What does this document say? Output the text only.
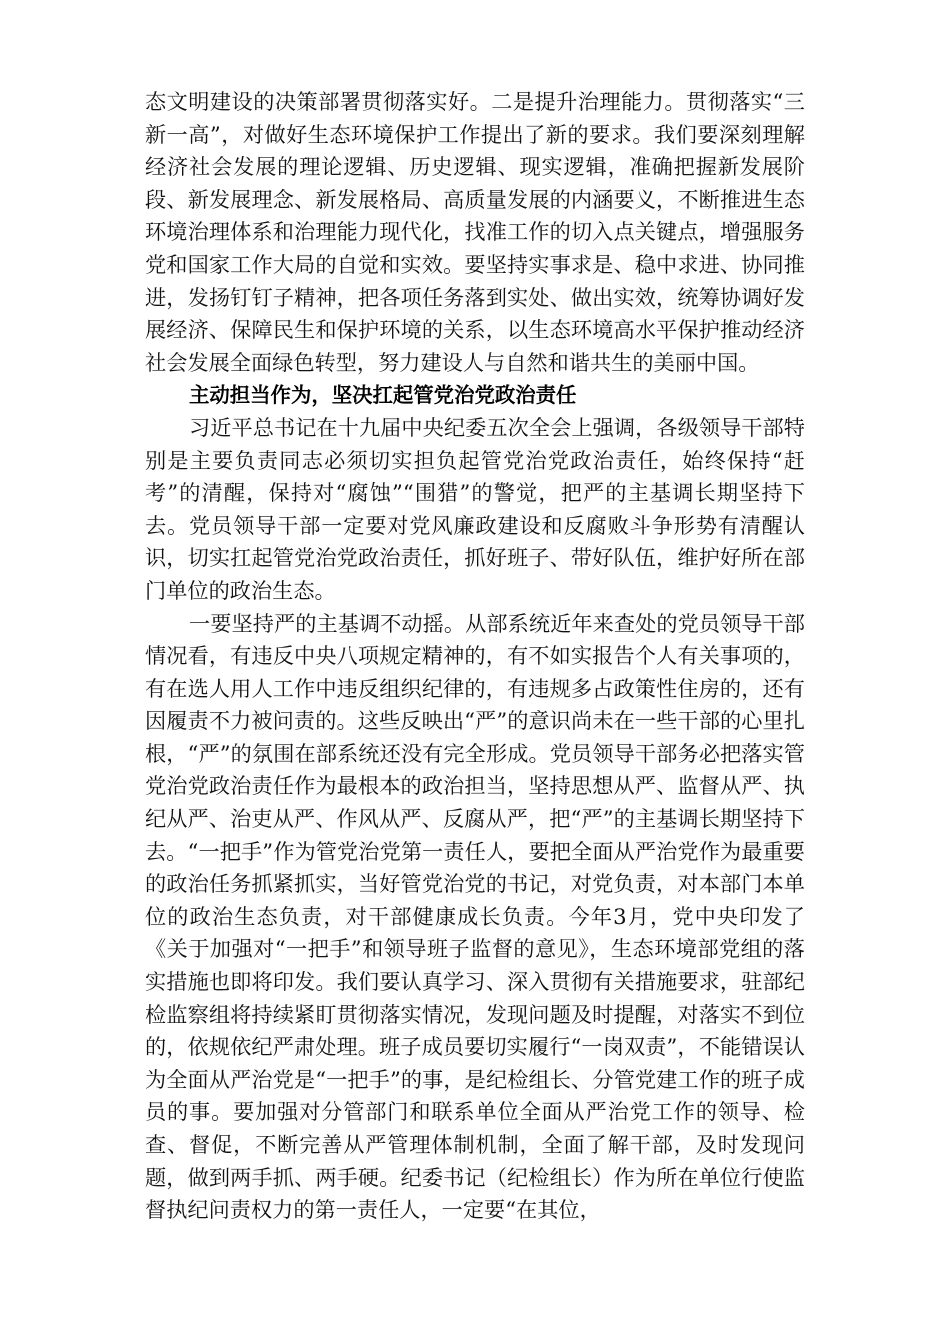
态文明建设的决策部署贯彻落实好。二是提升治理能力。贯彻落实“三新一高”，对做好生态环境保护工作提出了新的要求。我们要深刻理解经济社会发展的理论逻辑、历史逻辑、现实逻辑，准确把握新发展阶段、新发展理念、新发展格局、高质量发展的内涵要义，不断推进生态环境治理体系和治理能力现代化，找准工作的切入点关键点，增强服务党和国家工作大局的自觉和实效。要坚持实事求是、稳中求进、协同推进，发扬钉钉子精神，把各项任务落到实处、做出实效，统筹协调好发展经济、保障民生和保护环境的关系，以生态环境高水平保护推动经济社会发展全面绿色转型，努力建设人与自然和谐共生的美丽中国。

主动担当作为，坚决扛起管党治党政治责任

习近平总书记在十九届中央纪委五次全会上强调，各级领导干部特别是主要负责同志必须切实担负起管党治党政治责任，始终保持“赶考”的清醒，保持对“腐蚀”“围猎”的警觉，把严的主基调长期坚持下去。党员领导干部一定要对党风廉政建设和反腐败斗争形势有清醒认识，切实扛起管党治党政治责任，抓好班子、带好队伍，维护好所在部门单位的政治生态。

一要坚持严的主基调不动摇。从部系统近年来查处的党员领导干部情况看，有违反中央八项规定精神的，有不如实报告个人有关事项的，有在选人用人工作中违反组织纪律的，有违规多占政策性住房的，还有因履责不力被问责的。这些反映出“严”的意识尚未在一些干部的心里扎根，“严”的氛围在部系统还没有完全形成。党员领导干部务必把落实管党治党政治责任作为最根本的政治担当，坚持思想从严、监督从严、执纪从严、治吏从严、作风从严、反腐从严，把“严”的主基调长期坚持下去。“一把手”作为管党治党第一责任人，要把全面从严治党作为最重要的政治任务抓紧抓实，当好管党治党的书记，对党负责，对本部门本单位的政治生态负责，对干部健康成长负责。今年3月，党中央印发了《关于加强对“一把手”和领导班子监督的意见》，生态环境部党组的落实措施也即将印发。我们要认真学习、深入贯彻有关措施要求，驻部纪检监察组将持续紧盯贯彻落实情况，发现问题及时提醒，对落实不到位的，依规依纪严肃处理。班子成员要切实履行“一岗双责”，不能错误认为全面从严治党是“一把手”的事，是纪检组长、分管党建工作的班子成员的事。要加强对分管部门和联系单位全面从严治党工作的领导、检查、督促，不断完善从严管理体制机制，全面了解干部，及时发现问题，做到两手抓、两手硬。纪委书记（纪检组长）作为所在单位行使监督执纪问责权力的第一责任人，一定要“在其位，
